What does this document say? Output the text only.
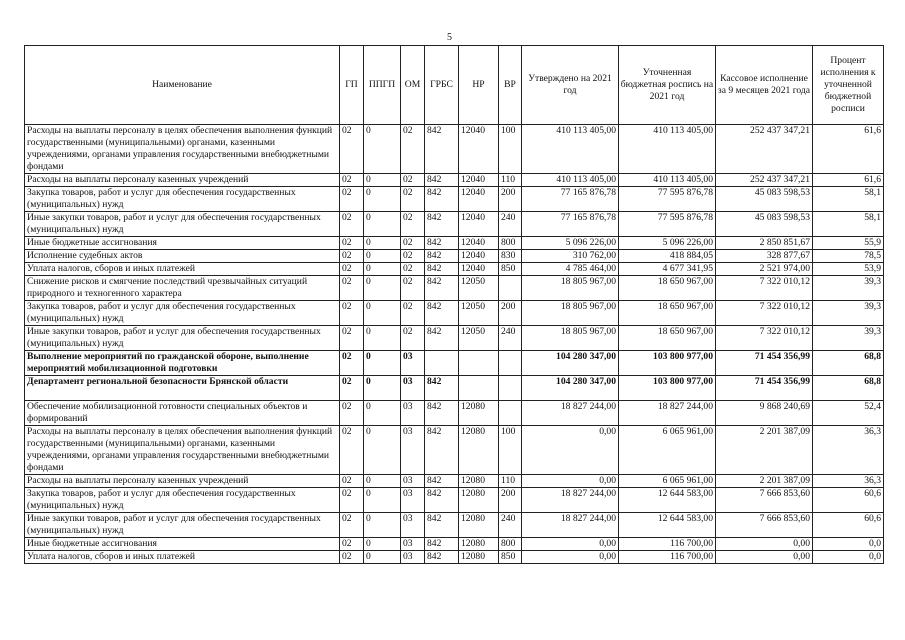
5
Наименование	ГП	ППГП	ОМ	ГРБС	НР	ВР	Утверждено на 2021 год	Уточненная бюджетная роспись на 2021 год	Кассовое исполнение за 9 месяцев 2021 года	Процент исполнения к уточненной бюджетной росписи
Расходы на выплаты персоналу в целях обеспечения выполнения функций государственными (муниципальными) органами, казенными учреждениями, органами управления государственными внебюджетными фондами	02	0	02	842	12040	100	410 113 405,00	410 113 405,00	252 437 347,21	61,6
Расходы на выплаты персоналу казенных учреждений	02	0	02	842	12040	110	410 113 405,00	410 113 405,00	252 437 347,21	61,6
Закупка товаров, работ и услуг для обеспечения государственных (муниципальных) нужд	02	0	02	842	12040	200	77 165 876,78	77 595 876,78	45 083 598,53	58,1
Иные закупки товаров, работ и услуг для обеспечения государственных (муниципальных) нужд	02	0	02	842	12040	240	77 165 876,78	77 595 876,78	45 083 598,53	58,1
Иные бюджетные ассигнования	02	0	02	842	12040	800	5 096 226,00	5 096 226,00	2 850 851,67	55,9
Исполнение судебных актов	02	0	02	842	12040	830	310 762,00	418 884,05	328 877,67	78,5
Уплата налогов, сборов и иных платежей	02	0	02	842	12040	850	4 785 464,00	4 677 341,95	2 521 974,00	53,9
Снижение рисков и смягчение последствий чрезвычайных ситуаций природного и техногенного характера	02	0	02	842	12050		18 805 967,00	18 650 967,00	7 322 010,12	39,3
Закупка товаров, работ и услуг для обеспечения государственных (муниципальных) нужд	02	0	02	842	12050	200	18 805 967,00	18 650 967,00	7 322 010,12	39,3
Иные закупки товаров, работ и услуг для обеспечения государственных (муниципальных) нужд	02	0	02	842	12050	240	18 805 967,00	18 650 967,00	7 322 010,12	39,3
Выполнение мероприятий по гражданской обороне, выполнение мероприятий мобилизационной подготовки	02	0	03				104 280 347,00	103 800 977,00	71 454 356,99	68,8
Департамент региональной безопасности Брянской области	02	0	03	842			104 280 347,00	103 800 977,00	71 454 356,99	68,8
Обеспечение мобилизационной готовности специальных объектов и формирований	02	0	03	842	12080		18 827 244,00	18 827 244,00	9 868 240,69	52,4
Расходы на выплаты персоналу в целях обеспечения выполнения функций государственными (муниципальными) органами, казенными учреждениями, органами управления государственными внебюджетными фондами	02	0	03	842	12080	100	0,00	6 065 961,00	2 201 387,09	36,3
Расходы на выплаты персоналу казенных учреждений	02	0	03	842	12080	110	0,00	6 065 961,00	2 201 387,09	36,3
Закупка товаров, работ и услуг для обеспечения государственных (муниципальных) нужд	02	0	03	842	12080	200	18 827 244,00	12 644 583,00	7 666 853,60	60,6
Иные закупки товаров, работ и услуг для обеспечения государственных (муниципальных) нужд	02	0	03	842	12080	240	18 827 244,00	12 644 583,00	7 666 853,60	60,6
Иные бюджетные ассигнования	02	0	03	842	12080	800	0,00	116 700,00	0,00	0,0
Уплата налогов, сборов и иных платежей	02	0	03	842	12080	850	0,00	116 700,00	0,00	0,0
